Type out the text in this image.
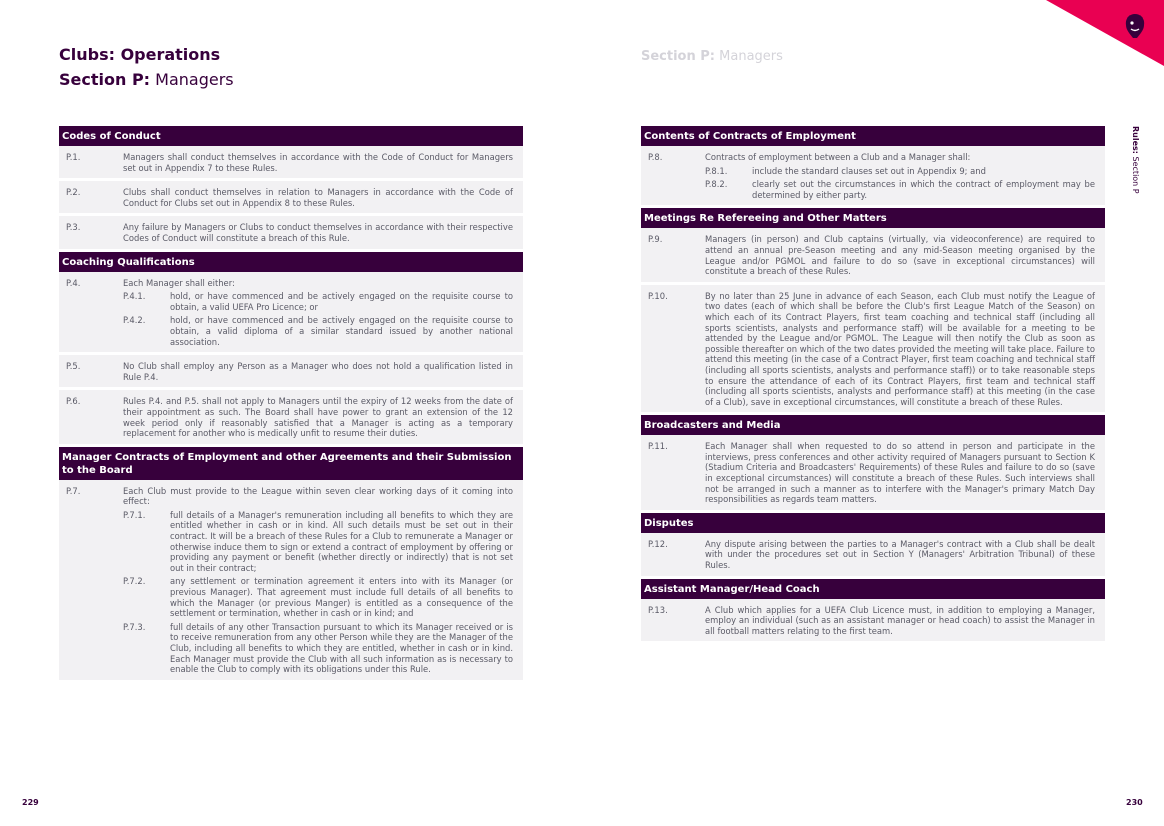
Clubs: Operations
Section P: Managers
Section P: Managers
Rules: Section P
Codes of Conduct
P.1.	Managers shall conduct themselves in accordance with the Code of Conduct for Managers set out in Appendix 7 to these Rules.
P.2.	Clubs shall conduct themselves in relation to Managers in accordance with the Code of Conduct for Clubs set out in Appendix 8 to these Rules.
P.3.	Any failure by Managers or Clubs to conduct themselves in accordance with their respective Codes of Conduct will constitute a breach of this Rule.
Coaching Qualifications
P.4.	Each Manager shall either:
P.4.1.	hold, or have commenced and be actively engaged on the requisite course to obtain, a valid UEFA Pro Licence; or
P.4.2.	hold, or have commenced and be actively engaged on the requisite course to obtain, a valid diploma of a similar standard issued by another national association.
P.5.	No Club shall employ any Person as a Manager who does not hold a qualification listed in Rule P.4.
P.6.	Rules P.4. and P.5. shall not apply to Managers until the expiry of 12 weeks from the date of their appointment as such. The Board shall have power to grant an extension of the 12 week period only if reasonably satisfied that a Manager is acting as a temporary replacement for another who is medically unfit to resume their duties.
Manager Contracts of Employment and other Agreements and their Submission to the Board
P.7.	Each Club must provide to the League within seven clear working days of it coming into effect:
P.7.1.	full details of a Manager's remuneration including all benefits to which they are entitled whether in cash or in kind. All such details must be set out in their contract. It will be a breach of these Rules for a Club to remunerate a Manager or otherwise induce them to sign or extend a contract of employment by offering or providing any payment or benefit (whether directly or indirectly) that is not set out in their contract;
P.7.2.	any settlement or termination agreement it enters into with its Manager (or previous Manager). That agreement must include full details of all benefits to which the Manager (or previous Manger) is entitled as a consequence of the settlement or termination, whether in cash or in kind; and
P.7.3.	full details of any other Transaction pursuant to which its Manager received or is to receive remuneration from any other Person while they are the Manager of the Club, including all benefits to which they are entitled, whether in cash or in kind. Each Manager must provide the Club with all such information as is necessary to enable the Club to comply with its obligations under this Rule.
Contents of Contracts of Employment
P.8.	Contracts of employment between a Club and a Manager shall:
P.8.1.	include the standard clauses set out in Appendix 9; and
P.8.2.	clearly set out the circumstances in which the contract of employment may be determined by either party.
Meetings Re Refereeing and Other Matters
P.9.	Managers (in person) and Club captains (virtually, via videoconference) are required to attend an annual pre-Season meeting and any mid-Season meeting organised by the League and/or PGMOL and failure to do so (save in exceptional circumstances) will constitute a breach of these Rules.
P.10.	By no later than 25 June in advance of each Season, each Club must notify the League of two dates (each of which shall be before the Club's first League Match of the Season) on which each of its Contract Players, first team coaching and technical staff (including all sports scientists, analysts and performance staff) will be available for a meeting to be attended by the League and/or PGMOL. The League will then notify the Club as soon as possible thereafter on which of the two dates provided the meeting will take place. Failure to attend this meeting (in the case of a Contract Player, first team coaching and technical staff (including all sports scientists, analysts and performance staff)) or to take reasonable steps to ensure the attendance of each of its Contract Players, first team and technical staff (including all sports scientists, analysts and performance staff) at this meeting (in the case of a Club), save in exceptional circumstances, will constitute a breach of these Rules.
Broadcasters and Media
P.11.	Each Manager shall when requested to do so attend in person and participate in the interviews, press conferences and other activity required of Managers pursuant to Section K (Stadium Criteria and Broadcasters' Requirements) of these Rules and failure to do so (save in exceptional circumstances) will constitute a breach of these Rules. Such interviews shall not be arranged in such a manner as to interfere with the Manager's primary Match Day responsibilities as regards team matters.
Disputes
P.12.	Any dispute arising between the parties to a Manager's contract with a Club shall be dealt with under the procedures set out in Section Y (Managers' Arbitration Tribunal) of these Rules.
Assistant Manager/Head Coach
P.13.	A Club which applies for a UEFA Club Licence must, in addition to employing a Manager, employ an individual (such as an assistant manager or head coach) to assist the Manager in all football matters relating to the first team.
229	230
